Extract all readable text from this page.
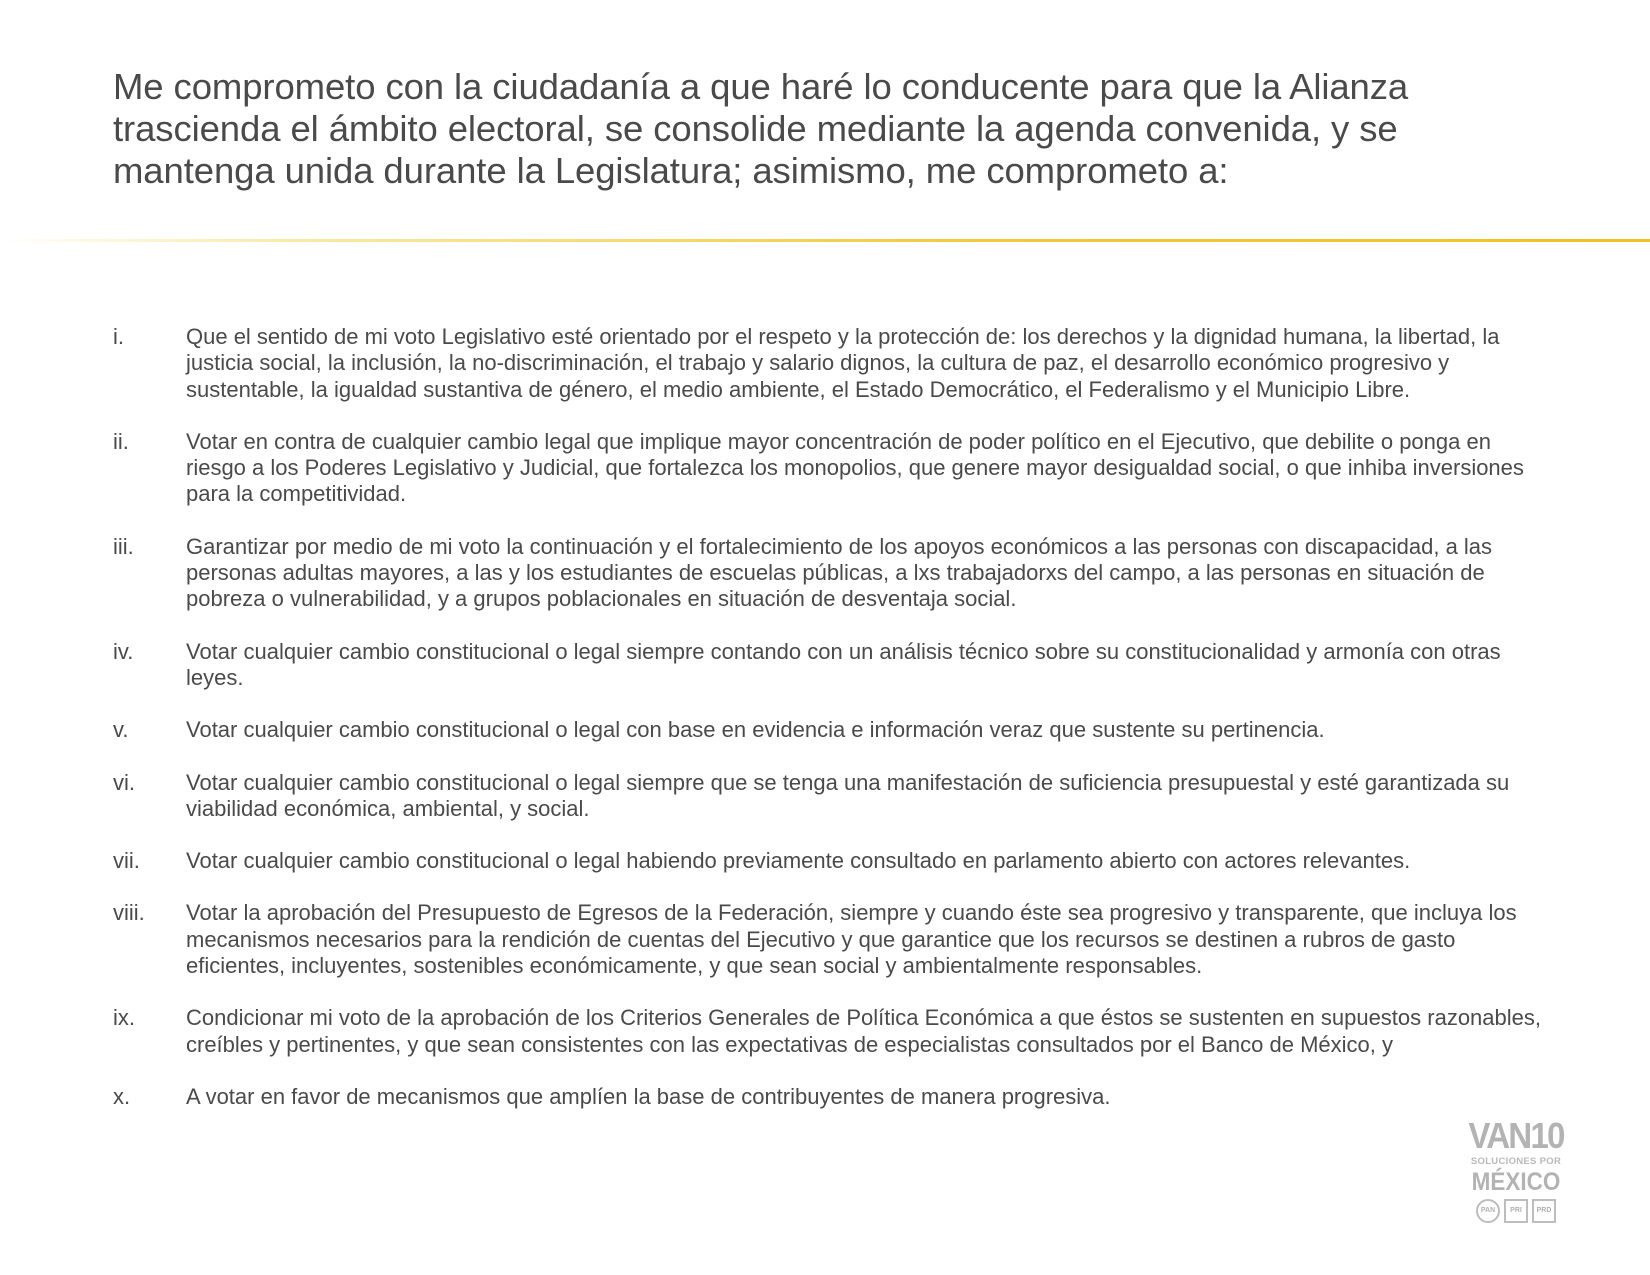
Me comprometo con la ciudadanía a que haré lo conducente para que la Alianza trascienda el ámbito electoral, se consolide mediante la agenda convenida, y se mantenga unida durante la Legislatura; asimismo, me comprometo a:
i.	Que el sentido de mi voto Legislativo esté orientado por el respeto y la protección de: los derechos y la dignidad humana, la libertad, la justicia social, la inclusión, la no-discriminación, el trabajo y salario dignos, la cultura de paz, el desarrollo económico progresivo y sustentable, la igualdad sustantiva de género, el medio ambiente, el Estado Democrático, el Federalismo y el Municipio Libre.
ii.	Votar en contra de cualquier cambio legal que implique mayor concentración de poder político en el Ejecutivo, que debilite o ponga en riesgo a los Poderes Legislativo y Judicial, que fortalezca los monopolios, que genere mayor desigualdad social, o que inhiba inversiones para la competitividad.
iii.	Garantizar por medio de mi voto la continuación y el fortalecimiento de los apoyos económicos a las personas con discapacidad, a las personas adultas mayores, a las y los estudiantes de escuelas públicas, a lxs trabajadorxs del campo, a las personas en situación de pobreza o vulnerabilidad, y a grupos poblacionales en situación de desventaja social.
iv.	Votar cualquier cambio constitucional o legal siempre contando con un análisis técnico sobre su constitucionalidad y armonía con otras leyes.
v.	Votar cualquier cambio constitucional o legal con base en evidencia e información veraz que sustente su pertinencia.
vi.	Votar cualquier cambio constitucional o legal siempre que se tenga una manifestación de suficiencia presupuestal y esté garantizada su viabilidad económica, ambiental, y social.
vii.	Votar cualquier cambio constitucional o legal habiendo previamente consultado en parlamento abierto con actores relevantes.
viii.	Votar la aprobación del Presupuesto de Egresos de la Federación, siempre y cuando éste sea progresivo y transparente, que incluya los mecanismos necesarios para la rendición de cuentas del Ejecutivo y que garantice que los recursos se destinen a rubros de gasto eficientes, incluyentes, sostenibles económicamente, y que sean social y ambientalmente responsables.
ix.	Condicionar mi voto de la aprobación de los Criterios Generales de Política Económica a que éstos se sustenten en supuestos razonables, creíbles y pertinentes, y que sean consistentes con las expectativas de especialistas consultados por el Banco de México, y
x.	A votar en favor de mecanismos que amplíen la base de contribuyentes de manera progresiva.
VAN10
SOLUCIONES POR
MÉXICO
PAN	PRI	PRD
